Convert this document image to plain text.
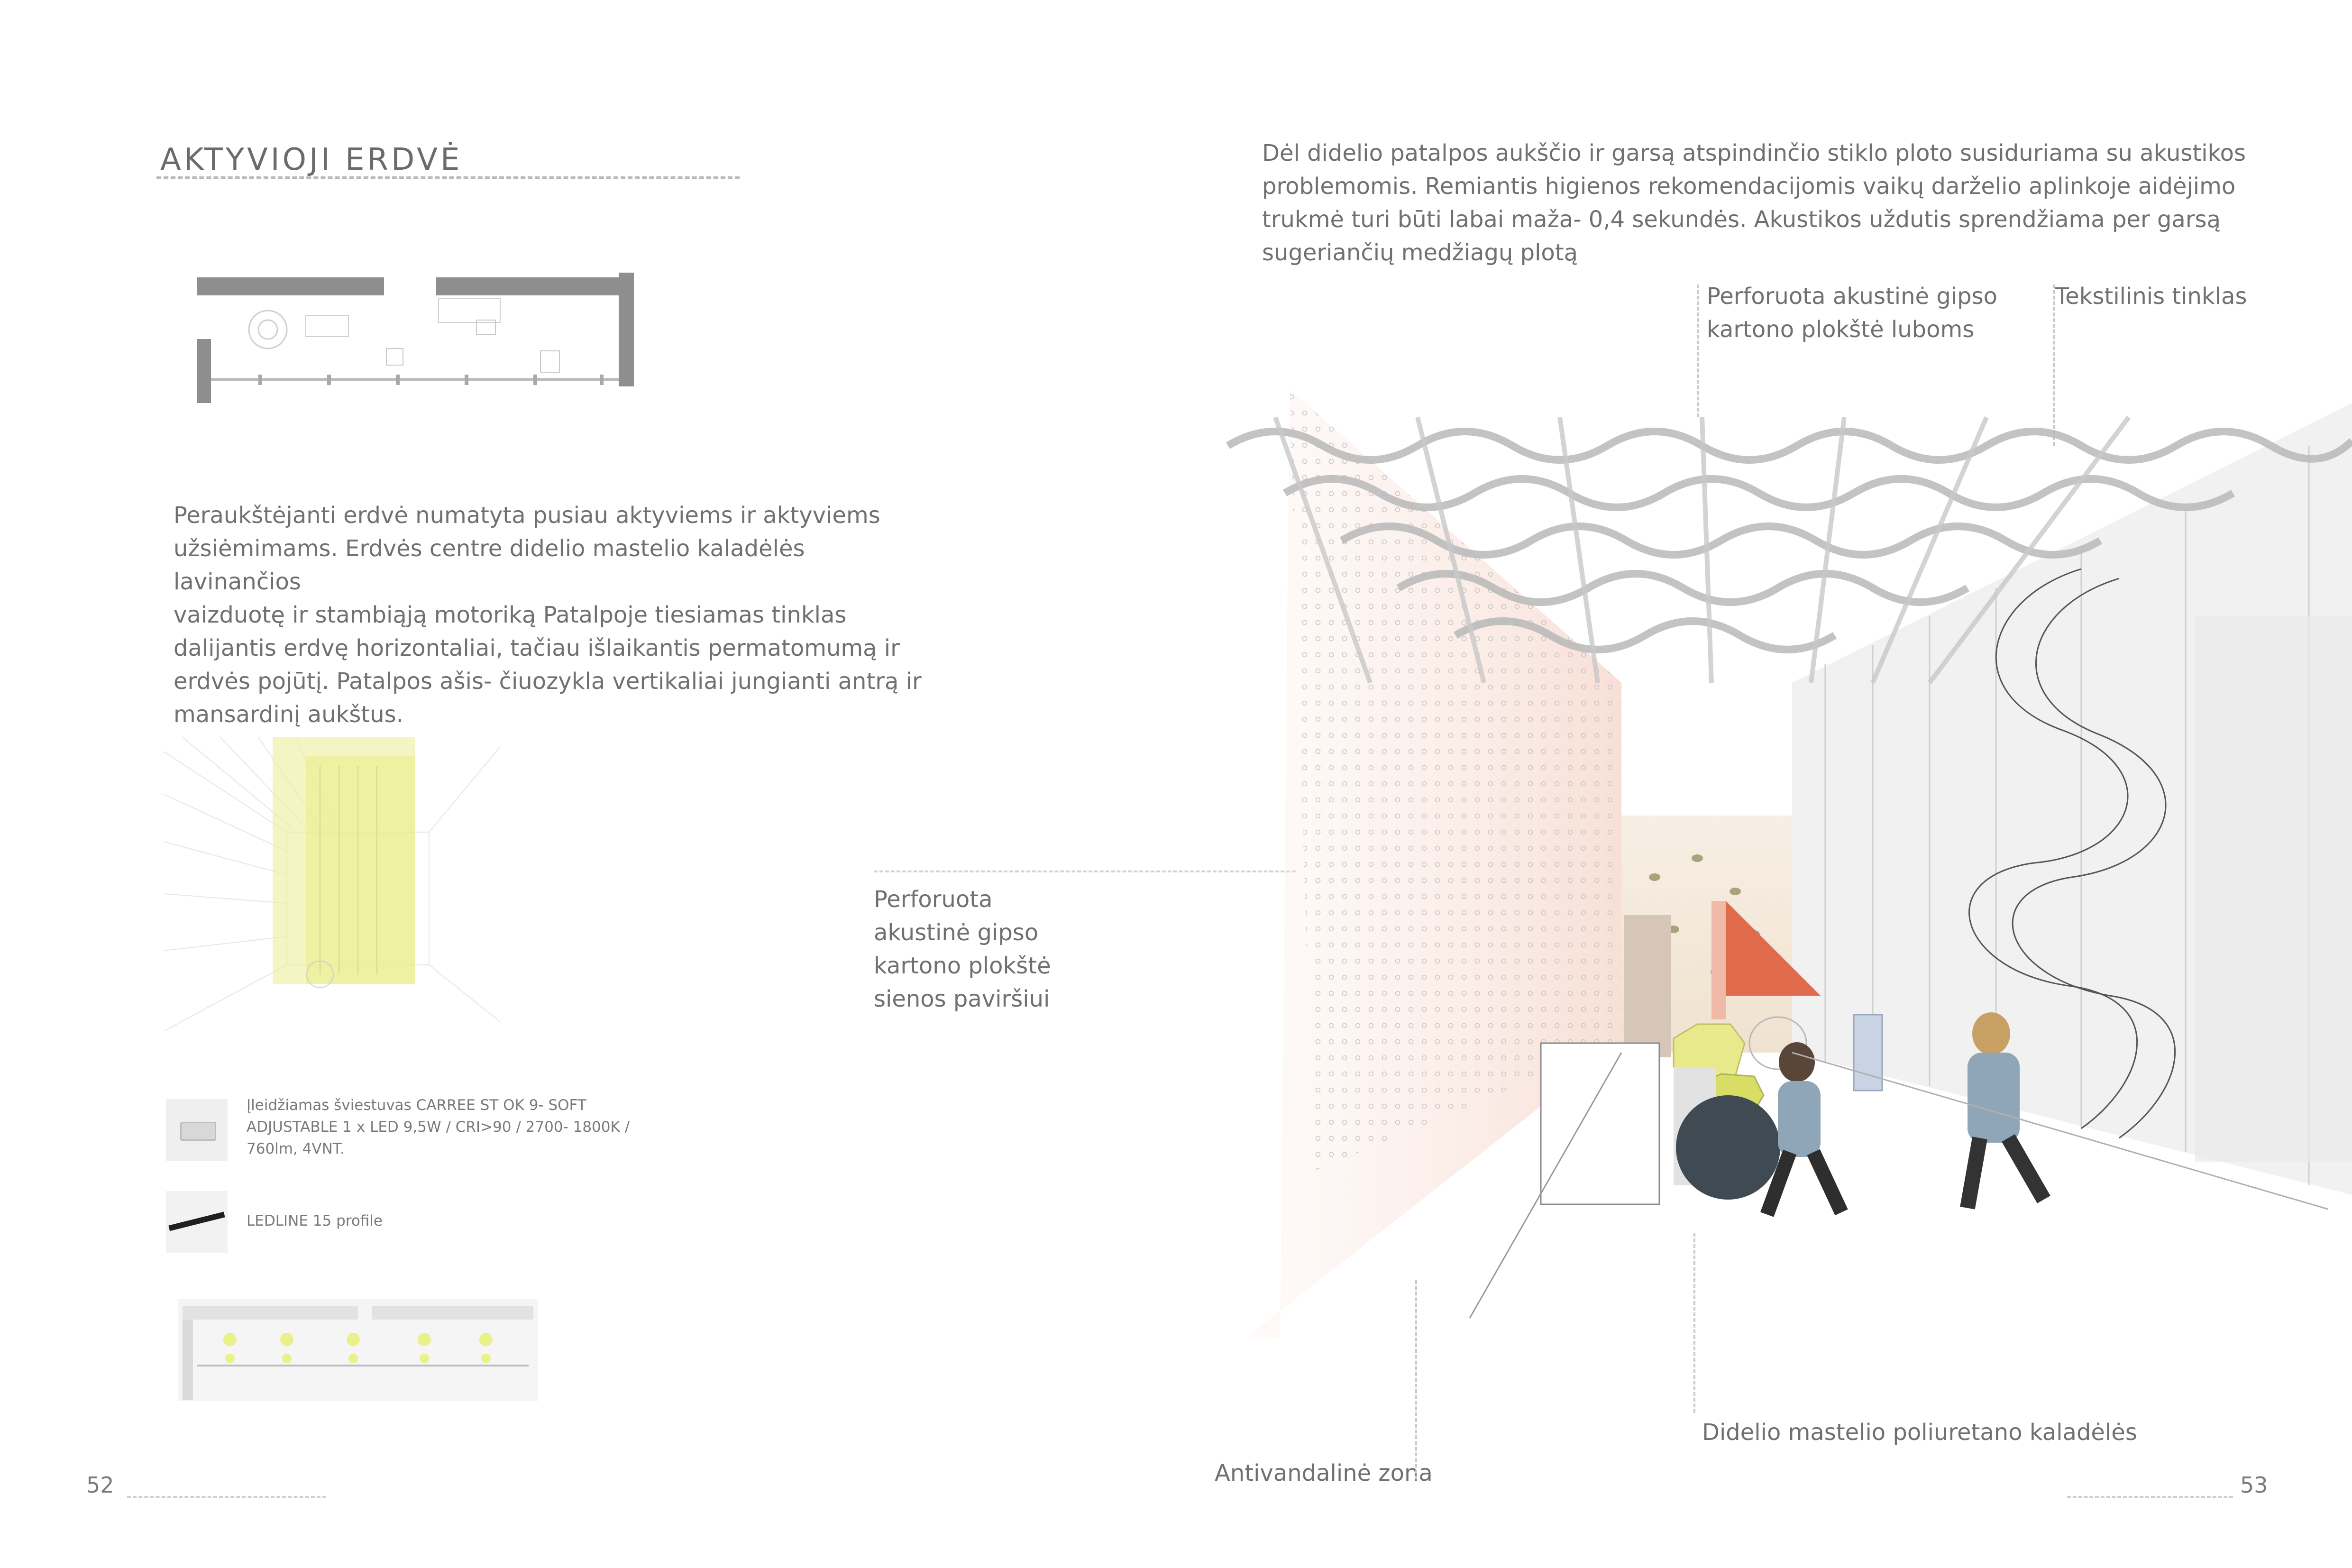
AKTYVIOJI ERDVĖ
Peraukštėjanti erdvė numatyta pusiau aktyviems ir aktyviems
užsiėmimams. Erdvės centre didelio mastelio kaladėlės lavinančios
vaizduotę ir stambiąją motoriką Patalpoje tiesiamas tinklas
dalijantis erdvę horizontaliai, tačiau išlaikantis permatomumą ir
erdvės pojūtį. Patalpos ašis- čiuozykla vertikaliai jungianti antrą ir
mansardinį aukštus.
Įleidžiamas šviestuvas CARREE ST OK 9- SOFT
ADJUSTABLE 1 x LED 9,5W / CRI>90 / 2700- 1800K /
760lm, 4VNT.
LEDLINE 15 profile
52
Dėl didelio patalpos aukščio ir garsą atspindinčio stiklo ploto susiduriama su akustikos
problemomis. Remiantis higienos rekomendacijomis vaikų darželio aplinkoje aidėjimo
trukmė turi būti labai maža- 0,4 sekundės. Akustikos uždutis sprendžiama per garsą
sugeriančių medžiagų plotą
Perforuota akustinė gipso
kartono plokštė luboms
Tekstilinis tinklas
Perforuota
akustinė gipso
kartono plokštė
sienos paviršiui
Didelio mastelio poliuretano kaladėlės
Antivandalinė zona	53
